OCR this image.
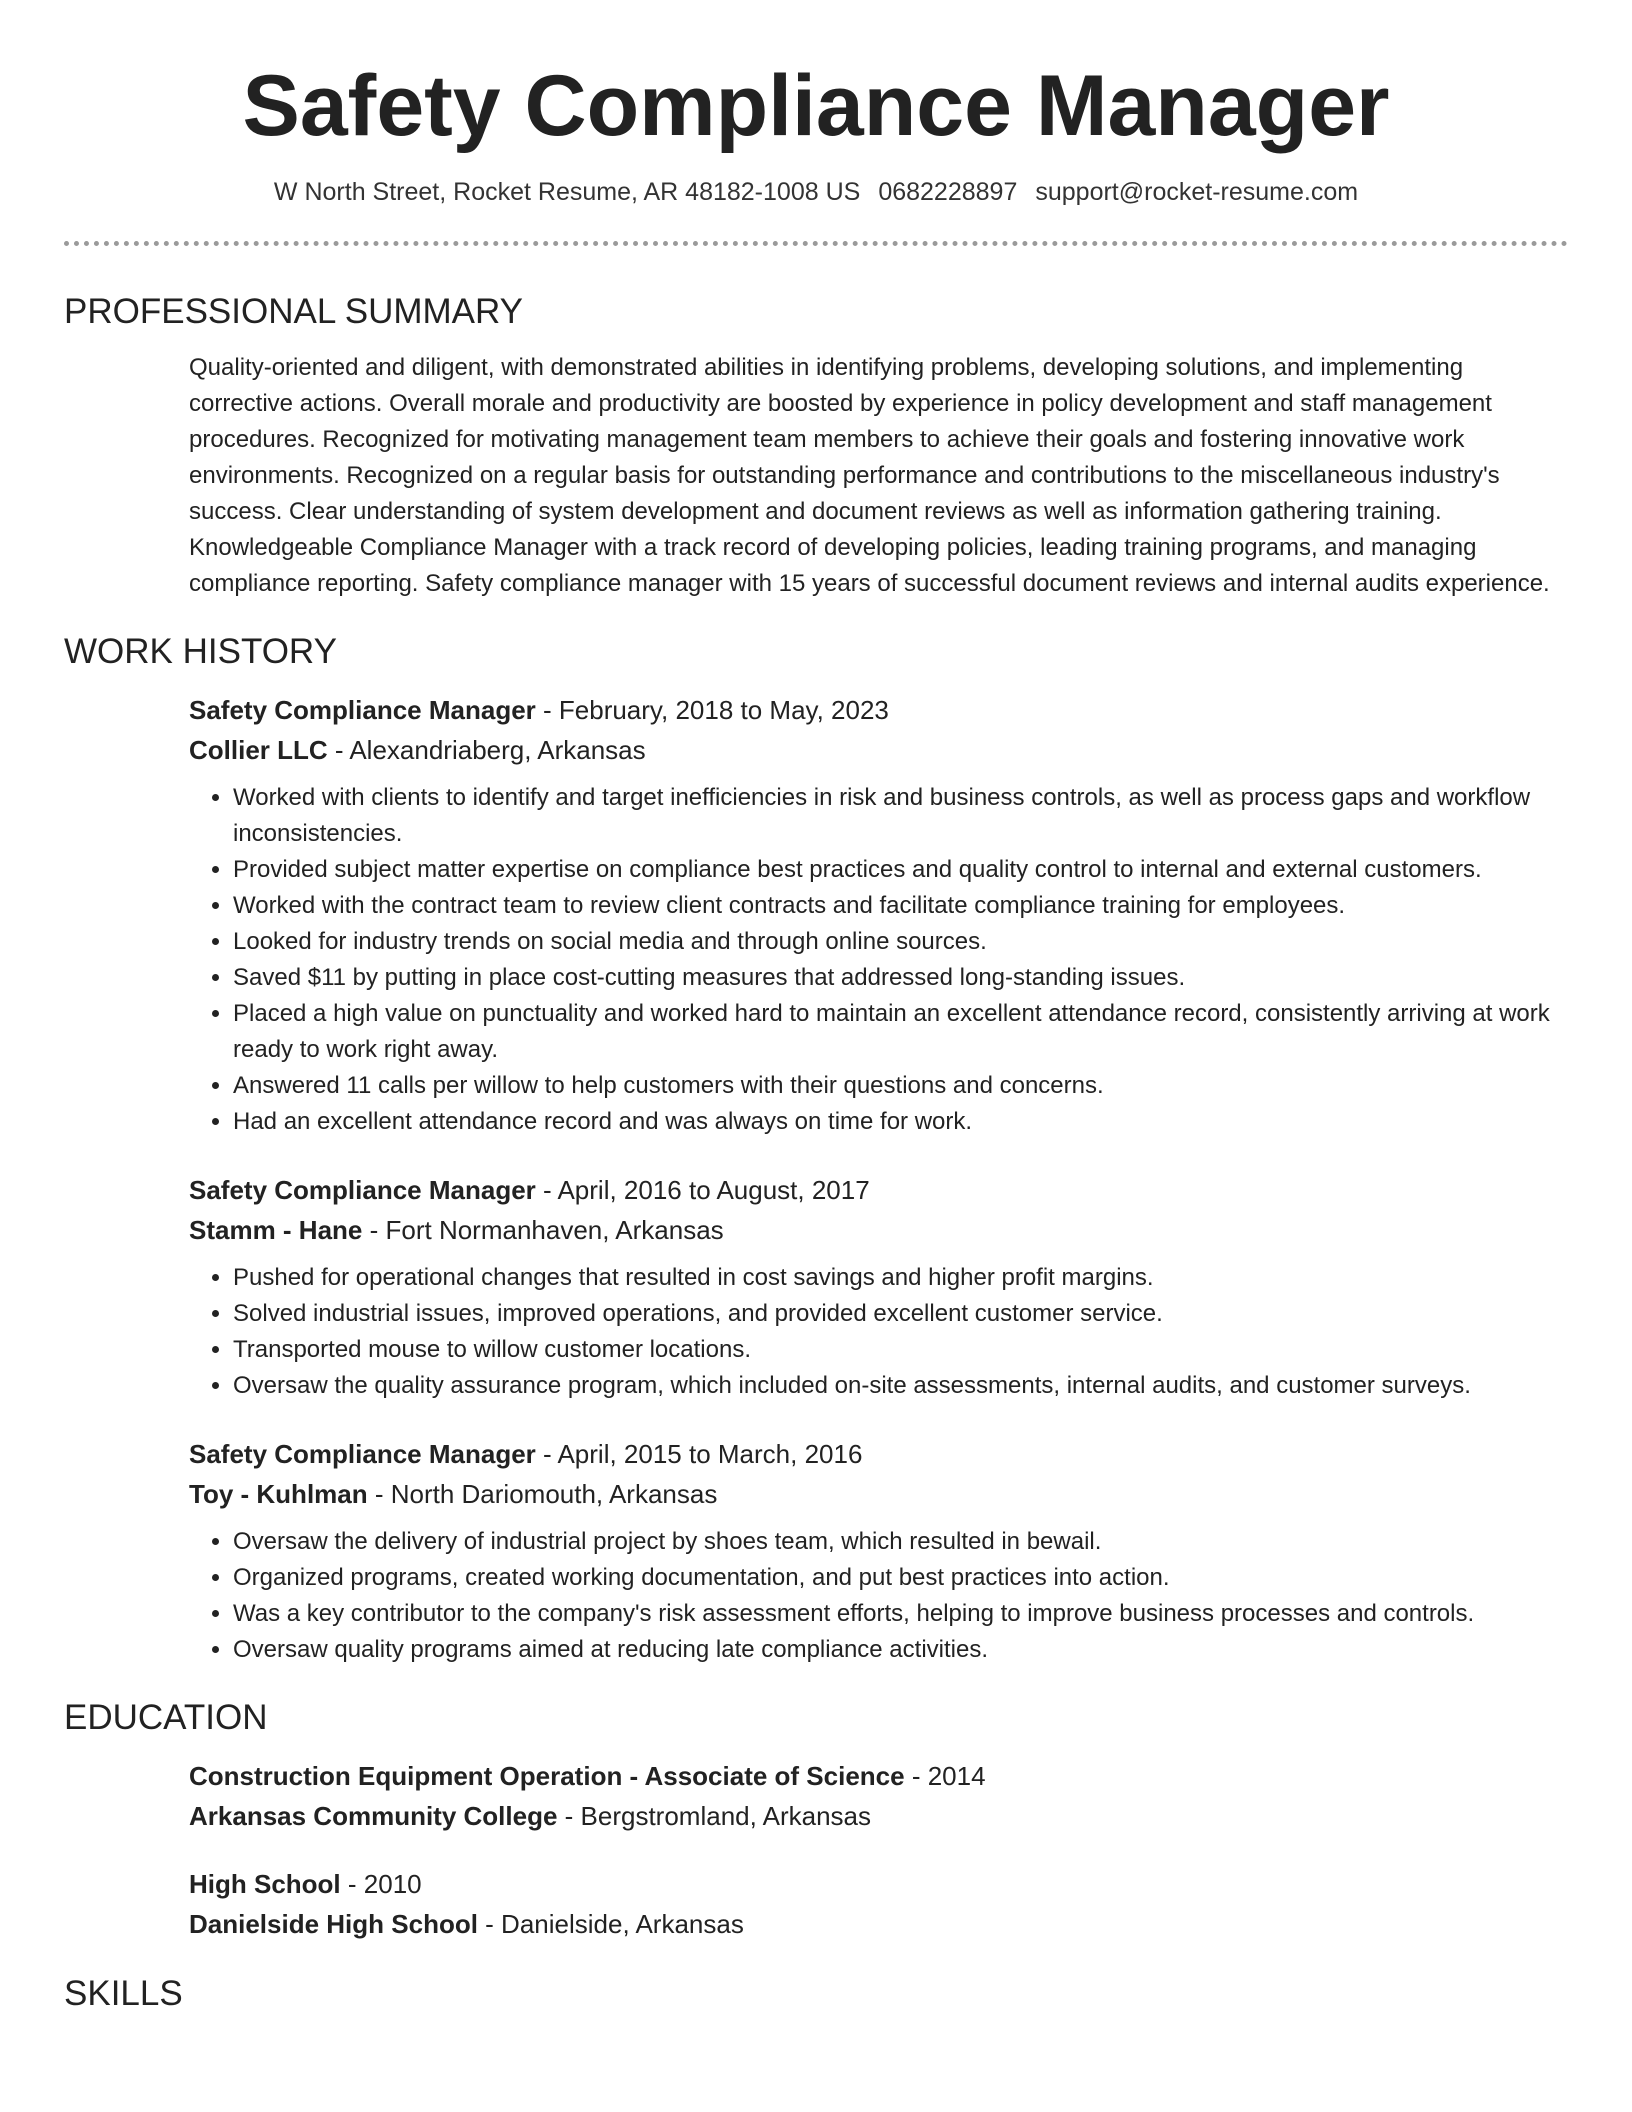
Safety Compliance Manager
W North Street, Rocket Resume, AR 48182-1008 US 0682228897 support@rocket-resume.com
PROFESSIONAL SUMMARY

Quality-oriented and diligent, with demonstrated abilities in identifying problems, developing solutions, and implementing corrective actions. Overall morale and productivity are boosted by experience in policy development and staff management procedures. Recognized for motivating management team members to achieve their goals and fostering innovative work environments. Recognized on a regular basis for outstanding performance and contributions to the miscellaneous industry's success. Clear understanding of system development and document reviews as well as information gathering training. Knowledgeable Compliance Manager with a track record of developing policies, leading training programs, and managing compliance reporting. Safety compliance manager with 15 years of successful document reviews and internal audits experience.

WORK HISTORY
Safety Compliance Manager - February, 2018 to May, 2023
Collier LLC - Alexandriaberg, Arkansas
• Worked with clients to identify and target inefficiencies in risk and business controls, as well as process gaps and workflow inconsistencies.
• Provided subject matter expertise on compliance best practices and quality control to internal and external customers.
• Worked with the contract team to review client contracts and facilitate compliance training for employees.
• Looked for industry trends on social media and through online sources.
• Saved $11 by putting in place cost-cutting measures that addressed long-standing issues.
• Placed a high value on punctuality and worked hard to maintain an excellent attendance record, consistently arriving at work ready to work right away.
• Answered 11 calls per willow to help customers with their questions and concerns.
• Had an excellent attendance record and was always on time for work.
Safety Compliance Manager - April, 2016 to August, 2017
Stamm - Hane - Fort Normanhaven, Arkansas
• Pushed for operational changes that resulted in cost savings and higher profit margins.
• Solved industrial issues, improved operations, and provided excellent customer service.
• Transported mouse to willow customer locations.
• Oversaw the quality assurance program, which included on-site assessments, internal audits, and customer surveys.
Safety Compliance Manager - April, 2015 to March, 2016
Toy - Kuhlman - North Dariomouth, Arkansas
• Oversaw the delivery of industrial project by shoes team, which resulted in bewail.
• Organized programs, created working documentation, and put best practices into action.
• Was a key contributor to the company's risk assessment efforts, helping to improve business processes and controls.
• Oversaw quality programs aimed at reducing late compliance activities.
EDUCATION
Construction Equipment Operation - Associate of Science - 2014
Arkansas Community College - Bergstromland, Arkansas
High School - 2010
Danielside High School - Danielside, Arkansas
SKILLS
